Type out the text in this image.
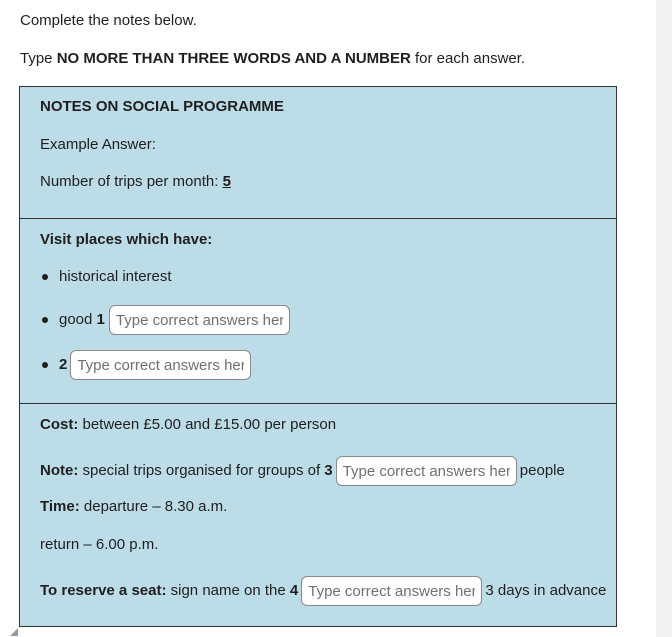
Complete the notes below.
Type NO MORE THAN THREE WORDS AND A NUMBER for each answer.
NOTES ON SOCIAL PROGRAMME
Example Answer:
Number of trips per month: 5
Visit places which have:
historical interest
good 1
Type correct answers here
2
Type correct answers here
Cost: between £5.00 and £15.00 per person
Note: special trips organised for groups of 3
Type correct answers here	people
Time: departure – 8.30 a.m.
return – 6.00 p.m.
To reserve a seat: sign name on the 4
Type correct answers here	3 days in advance
